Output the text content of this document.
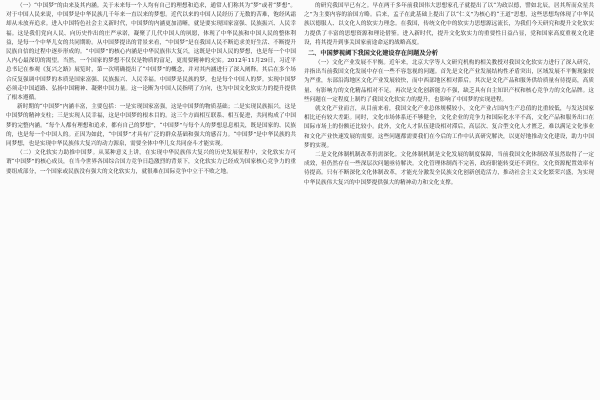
（一）“中国梦”的由来及其内涵。关于未来每一个人均有自己的理想和追求，通常人们称其为“梦”或者“梦想”。对于中国人民来说，中国梦是中华民族几千年来一直以来的梦想。近代以来的中国人民经历了无数的苦难，饱经风霜却从未放弃追求。进入中国特色社会主义新时代，中国梦的内涵更加清晰，就是要实现国家富强、民族振兴、人民幸福。这是我们党向人民、向历史作出的庄严承诺，凝聚了几代中国人的夙愿，体现了中华民族和中国人民的整体利益，是每一个中华儿女的共同期盼。从中国梦提出的背景来看，“中国梦”是在我国人民不断追求美好生活、不断提升民族自信的过程中逐步形成的。“中国梦”的核心内涵是中华民族伟大复兴，这既是中国人民的梦想，也是每一个中国人内心最深切的渴望。当然，一个国家的梦想不仅仅是物质的富足，更需要精神的充实。2012年11月29日，习近平总书记在参观《复兴之路》展览时，第一次明确提出了“中国梦”的概念，并对其内涵进行了深入阐释。其后在多个场合反复强调中国梦的本质是国家富强、民族振兴、人民幸福。中国梦是民族的梦，也是每个中国人的梦。实现中国梦必须走中国道路、弘扬中国精神、凝聚中国力量。这一论断为中国人民指明了方向，也为中国文化软实力的提升提供了根本遵循。

新时期的“中国梦”内涵丰富，主要包括：一是实现国家富强，这是中国梦的物质基础；二是实现民族振兴，这是中国梦的精神支柱；三是实现人民幸福，这是中国梦的根本目的。这三个方面相互联系、相互促进，共同构成了中国梦的完整内涵。“每个人都有理想和追求，都有自己的梦想”，“中国梦”与每个人的梦想息息相关，既是国家的、民族的，也是每一个中国人的。正因为如此，“中国梦”才具有广泛的群众基础和强大的感召力。“中国梦”是中华民族的共同梦想，也是实现中华民族伟大复兴的动力源泉，需要全体中华儿女共同奋斗才能实现。

（二）文化软实力助推中国梦。从某种意义上讲，在实现中华民族伟大复兴的历史发展征程中，文化软实力可谓“中国梦”的核心成员，在当今世界各国综合国力竞争日趋激烈的背景下，文化软实力已经成为国家核心竞争力的重要组成部分，一个国家或民族没有强大的文化软实力，就很难在国际竞争中立于不败之地。

的研究我国早已有之。早在两千多年前我国伟大思想家孔子就提出了以“为政以德，譬如北辰，居其所而众星共之”为主要内容的治国方略。后来，孟子在此基础上提出了以“仁义”为核心的“王道”思想，这些思想均体现了中华民族以德服人、以文化人的软实力理念。在我国，传统文化中的软实力思想源远流长，为我们今天研究和提升文化软实力提供了丰富的思想资源和理论借鉴。进入新时代，提升文化软实力的重要性日益凸显，党和国家高度重视文化建设，将其提升到事关国家前途命运的战略高度。

二、中国梦视阈下我国文化建设存在问题及分析

（一）文化产业发展不平衡。近年来，北京大学等人文研究机构的相关教授对我国文化软实力进行了深入研究，并指出当前我国文化发展中存在一些不容忽视的问题。首先是文化产业发展结构性矛盾突出，区域发展不平衡现象较为严重，东部沿海地区文化产业发展较快，而中西部地区相对滞后。其次是文化产品和服务供给质量有待提高，高质量、有影响力的文化精品相对不足。再次是文化创新能力不强，缺乏具有自主知识产权和核心竞争力的文化品牌。这些问题在一定程度上制约了我国文化软实力的提升，也影响了中国梦的实现进程。

就文化产业而言，从目前来看，我国文化产业总体规模较小，文化产业占国内生产总值的比重较低，与发达国家相比还有较大差距。同时，文化市场体系还不够健全，文化企业的竞争力和国际化水平不高，文化产品和服务出口在国际市场上的份额还比较小。此外，文化人才队伍建设相对滞后，高层次、复合型文化人才匮乏，难以满足文化事业和文化产业快速发展的需要。这些问题都需要我们在今后的工作中认真研究解决，以更好地推动文化建设，助力中国梦的实现。

二是文化体制机制改革仍需深化。文化体制机制是文化发展的制度保障，当前我国文化体制改革虽然取得了一定成效，但仍然存在一些深层次问题亟待解决。文化管理体制尚不完善，政府职能转变还不到位，文化资源配置效率有待提高。只有不断深化文化体制改革，才能充分激发全民族文化创新创造活力，推动社会主义文化繁荣兴盛，为实现中华民族伟大复兴的中国梦提供强大的精神动力和文化支撑。
